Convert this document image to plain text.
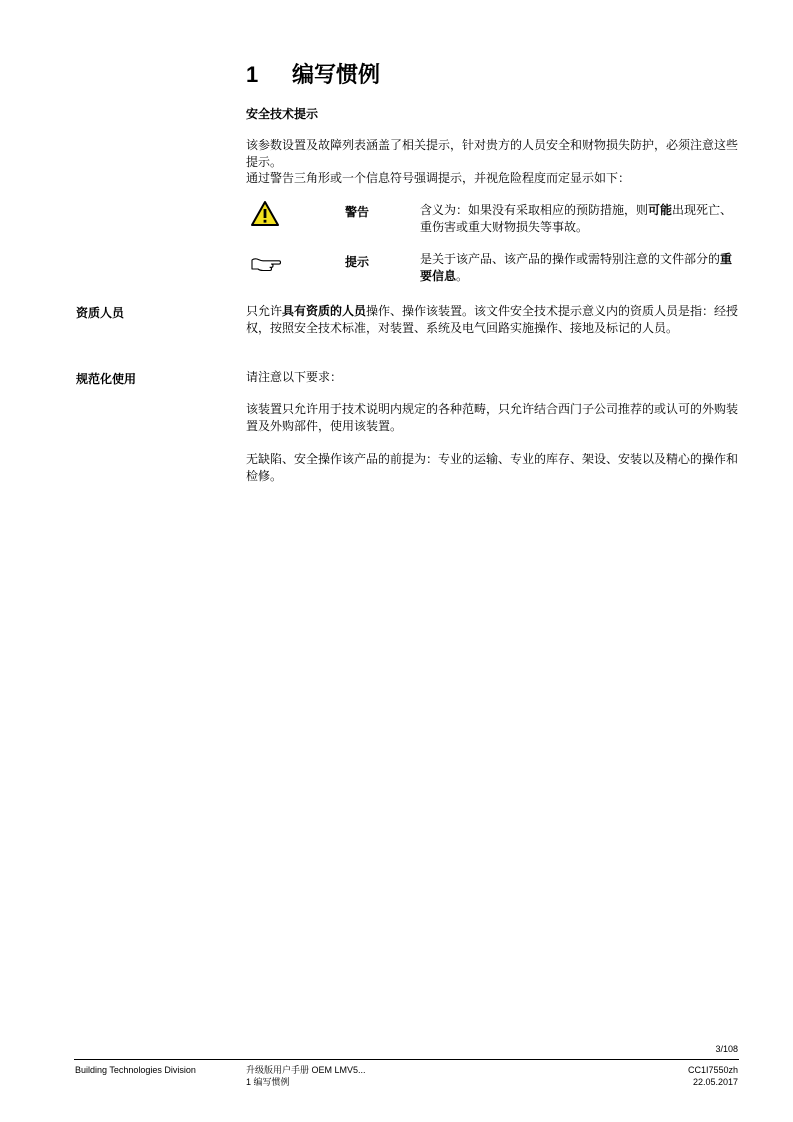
1 编写惯例
安全技术提示
该参数设置及故障列表涵盖了相关提示，针对贵方的人员安全和财物损失防护，必须注意这些提示。
通过警告三角形或一个信息符号强调提示，并视危险程度而定显示如下：
警告	含义为：如果没有采取相应的预防措施，则可能出现死亡、重伤害或重大财物损失等事故。
提示	是关于该产品、该产品的操作或需特别注意的文件部分的重要信息。
资质人员	只允许具有资质的人员操作、操作该装置。该文件安全技术提示意义内的资质人员是指：经授权，按照安全技术标准，对装置、系统及电气回路实施操作、接地及标记的人员。
规范化使用	请注意以下要求：
该装置只允许用于技术说明内规定的各种范畴，只允许结合西门子公司推荐的或认可的外购装置及外购部件，使用该装置。
无缺陷、安全操作该产品的前提为：专业的运输、专业的库存、架设、安装以及精心的操作和检修。
3/108
Building Technologies Division	升级版用户手册 OEM LMV5...
1 编写惯例
CC1I7550zh
22.05.2017
